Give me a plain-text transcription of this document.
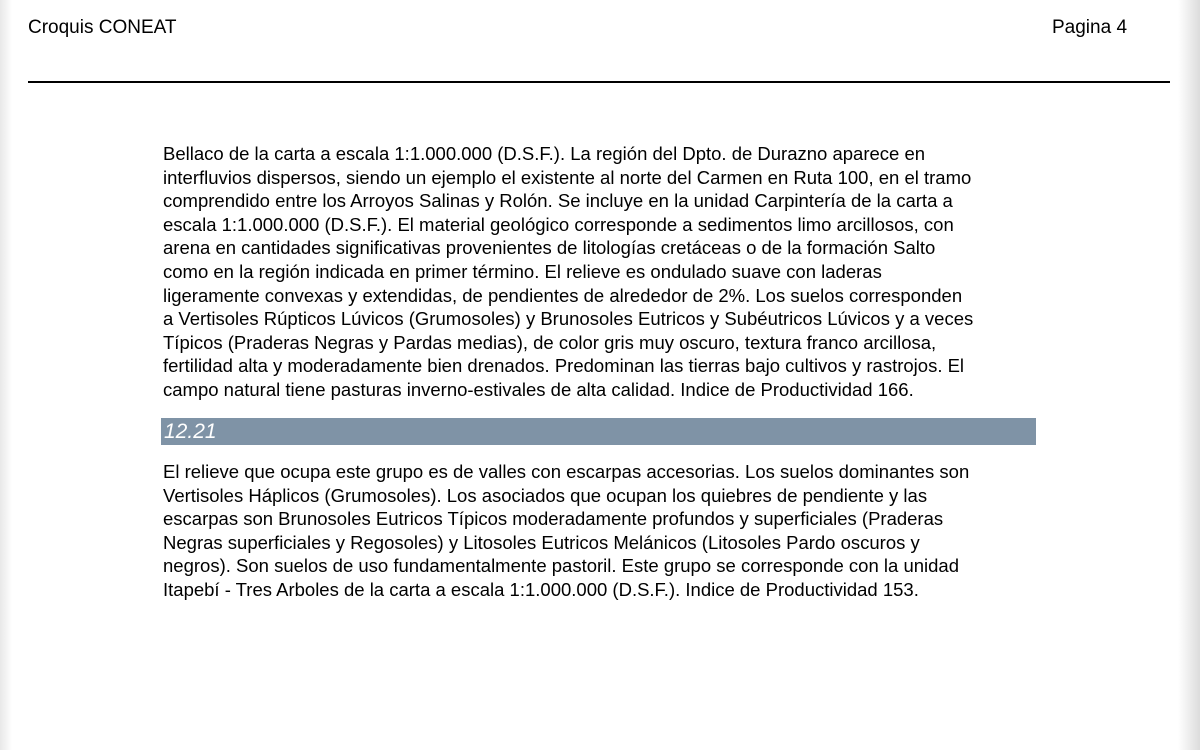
Croquis CONEAT	Pagina 4

Bellaco de la carta a escala 1:1.000.000 (D.S.F.). La región del Dpto. de Durazno aparece en

interfluvios dispersos, siendo un ejemplo el existente al norte del Carmen en Ruta 100, en el tramo

comprendido entre los Arroyos Salinas y Rolón. Se incluye en la unidad Carpintería de la carta a

escala 1:1.000.000 (D.S.F.). El material geológico corresponde a sedimentos limo arcillosos, con

arena en cantidades significativas provenientes de litologías cretáceas o de la formación Salto

como en la región indicada en primer término. El relieve es ondulado suave con laderas

ligeramente convexas y extendidas, de pendientes de alrededor de 2%. Los suelos corresponden

a Vertisoles Rúpticos Lúvicos (Grumosoles) y Brunosoles Eutricos y Subéutricos Lúvicos y a veces

Típicos (Praderas Negras y Pardas medias), de color gris muy oscuro, textura franco arcillosa,

fertilidad alta y moderadamente bien drenados. Predominan las tierras bajo cultivos y rastrojos. El

campo natural tiene pasturas inverno-estivales de alta calidad. Indice de Productividad 166.

12.21

El relieve que ocupa este grupo es de valles con escarpas accesorias. Los suelos dominantes son

Vertisoles Háplicos (Grumosoles). Los asociados que ocupan los quiebres de pendiente y las

escarpas son Brunosoles Eutricos Típicos moderadamente profundos y superficiales (Praderas

Negras superficiales y Regosoles) y Litosoles Eutricos Melánicos (Litosoles Pardo oscuros y

negros). Son suelos de uso fundamentalmente pastoril. Este grupo se corresponde con la unidad

Itapebí - Tres Arboles de la carta a escala 1:1.000.000 (D.S.F.). Indice de Productividad 153.
